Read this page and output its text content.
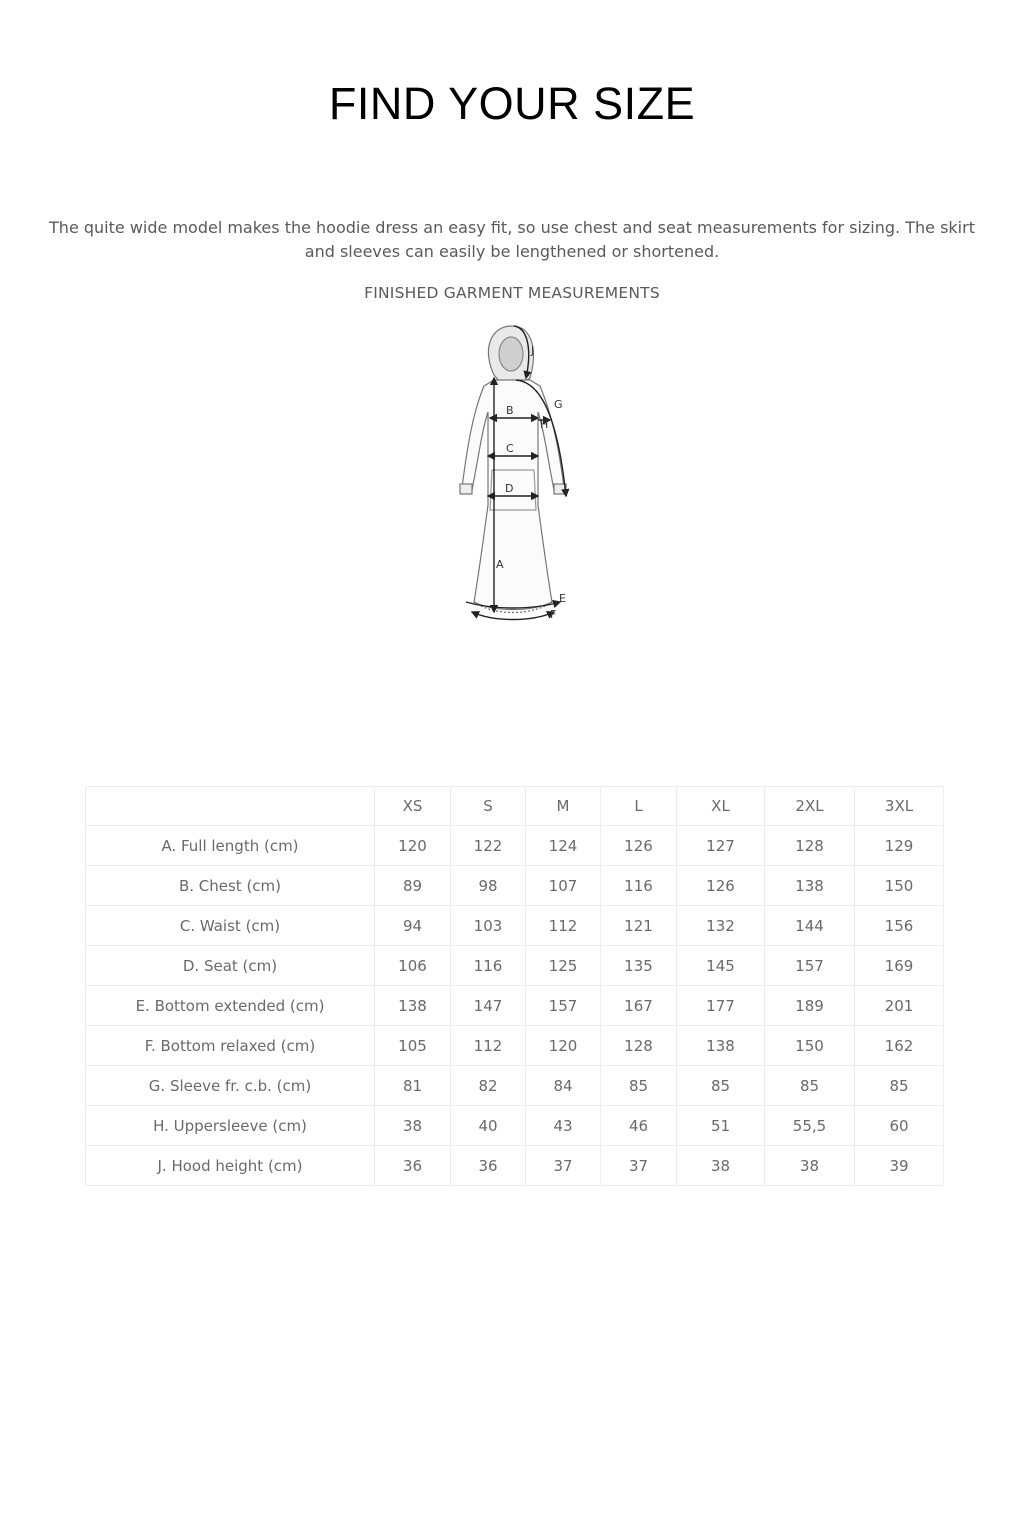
FIND YOUR SIZE

The quite wide model makes the hoodie dress an easy fit, so use chest and seat measurements for sizing. The skirt and sleeves can easily be lengthened or shortened.

FINISHED GARMENT MEASUREMENTS
A
B
C
D
E
F
G
H
J
	XS	S	M	L	XL	2XL	3XL
A. Full length (cm)	120	122	124	126	127	128	129
B. Chest (cm)	89	98	107	116	126	138	150
C. Waist (cm)	94	103	112	121	132	144	156
D. Seat (cm)	106	116	125	135	145	157	169
E. Bottom extended (cm)	138	147	157	167	177	189	201
F. Bottom relaxed (cm)	105	112	120	128	138	150	162
G. Sleeve fr. c.b. (cm)	81	82	84	85	85	85	85
H. Uppersleeve (cm)	38	40	43	46	51	55,5	60
J. Hood height (cm)	36	36	37	37	38	38	39
